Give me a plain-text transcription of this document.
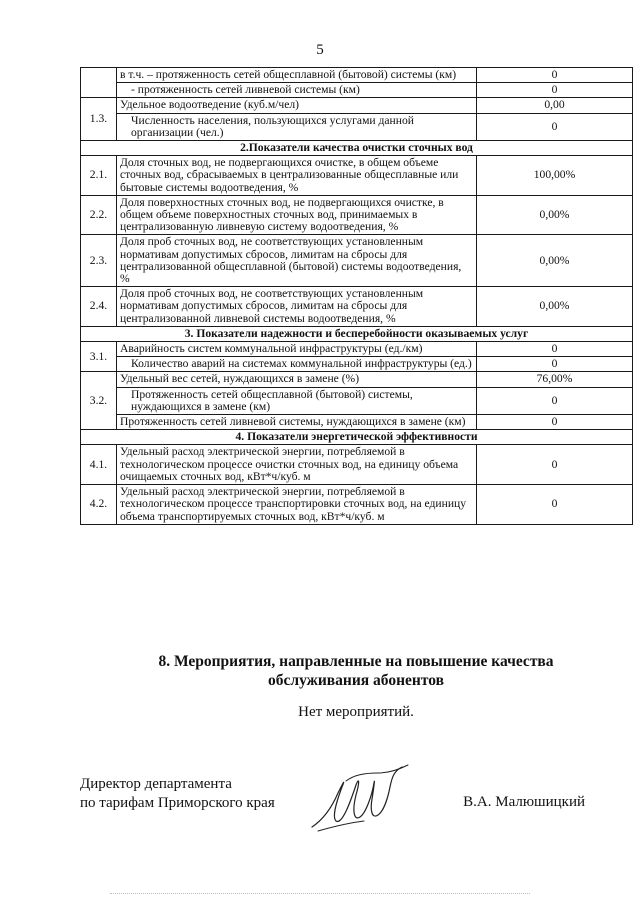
5
	в т.ч. – протяженность сетей общесплавной (бытовой) системы (км)	0
	- протяженность сетей ливневой системы (км)	0
1.3.	Удельное водоотведение (куб.м/чел)	0,00
	Численность населения, пользующихся услугами данной организации (чел.)	0
2.Показатели качества очистки сточных вод		
2.1.	Доля сточных вод, не подвергающихся очистке, в общем объеме сточных вод, сбрасываемых в централизованные общесплавные или бытовые системы водоотведения, %	100,00%
2.2.	Доля поверхностных сточных вод, не подвергающихся очистке, в общем объеме поверхностных сточных вод, принимаемых в централизованную ливневую систему водоотведения, %	0,00%
2.3.	Доля проб сточных вод, не соответствующих установленным нормативам допустимых сбросов, лимитам на сбросы для централизованной общесплавной (бытовой) системы водоотведения, %	0,00%
2.4.	Доля проб сточных вод, не соответствующих установленным нормативам допустимых сбросов, лимитам на сбросы для централизованной ливневой системы водоотведения, %	0,00%
3. Показатели надежности и бесперебойности оказываемых услуг		
3.1.	Аварийность систем коммунальной инфраструктуры (ед./км)	0
	Количество аварий на системах коммунальной инфраструктуры (ед.)	0
3.2.	Удельный вес сетей, нуждающихся в замене (%)	76,00%
	Протяженность сетей общесплавной (бытовой) системы, нуждающихся в замене (км)	0
	Протяженность сетей ливневой системы, нуждающихся в замене (км)	0
4. Показатели энергетической эффективности		
4.1.	Удельный расход электрической энергии, потребляемой в технологическом процессе очистки сточных вод, на единицу объема очищаемых сточных вод, кВт*ч/куб. м	0
4.2.	Удельный расход электрической энергии, потребляемой в технологическом процессе транспортировки сточных вод, на единицу объема транспортируемых сточных вод, кВт*ч/куб. м	0
8. Мероприятия, направленные на повышение качества
обслуживания абонентов
Нет мероприятий.
Директор департамента
по тарифам Приморского края	В.А. Малюшицкий
